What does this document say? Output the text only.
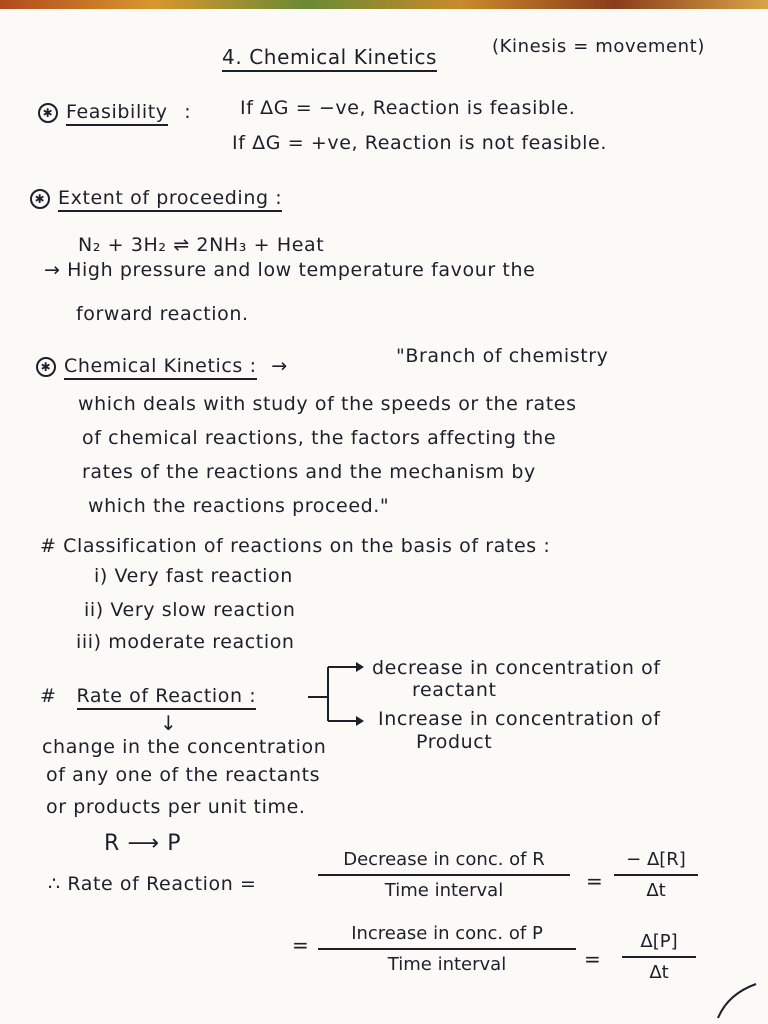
4. Chemical Kinetics	(Kinesis = movement)
✱ Feasibility :	If ΔG = −ve, Reaction is feasible.
If ΔG = +ve, Reaction is not feasible.
✱ Extent of proceeding :
N₂ + 3H₂ ⇌ 2NH₃ + Heat
→ High pressure and low temperature favour the
forward reaction.
✱ Chemical Kinetics : →	"Branch of chemistry
which deals with study of the speeds or the rates
of chemical reactions, the factors affecting the
rates of the reactions and the mechanism by
which the reactions proceed."
# Classification of reactions on the basis of rates :
i) Very fast reaction
ii) Very slow reaction
iii) moderate reaction
# Rate of Reaction :
decrease in concentration of
reactant
Increase in concentration of
Product
↓
change in the concentration
of any one of the reactants
or products per unit time.
R ⟶ P
∴ Rate of Reaction =
Decrease in conc. of R
Time interval	= $\frac{- \Delta[R]}{\Delta t}$
=	Increase in conc. of P
Time interval	= $\frac{\Delta[P]}{\Delta t}$
